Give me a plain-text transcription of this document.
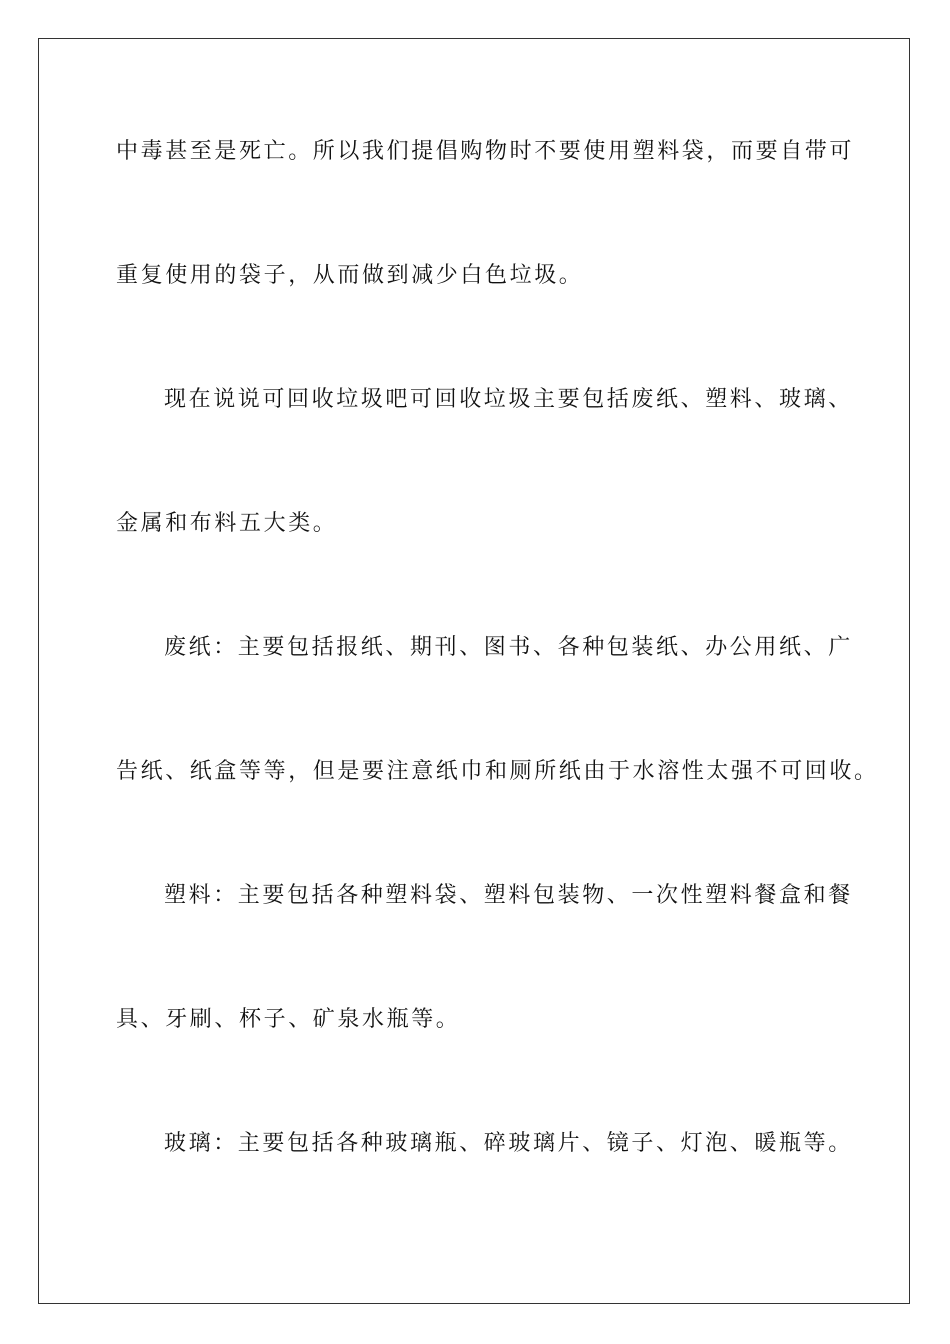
中毒甚至是死亡。所以我们提倡购物时不要使用塑料袋，而要自带可
重复使用的袋子，从而做到减少白色垃圾。
现在说说可回收垃圾吧可回收垃圾主要包括废纸、塑料、玻璃、
金属和布料五大类。
废纸：主要包括报纸、期刊、图书、各种包装纸、办公用纸、广
告纸、纸盒等等，但是要注意纸巾和厕所纸由于水溶性太强不可回收。
塑料：主要包括各种塑料袋、塑料包装物、一次性塑料餐盒和餐
具、牙刷、杯子、矿泉水瓶等。
玻璃：主要包括各种玻璃瓶、碎玻璃片、镜子、灯泡、暖瓶等。
